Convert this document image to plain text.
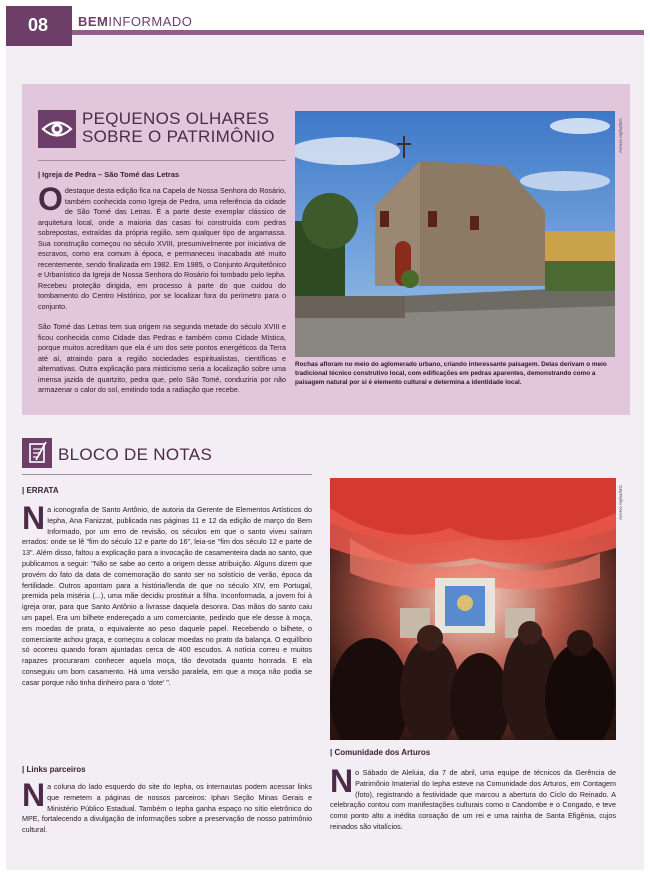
08	BEMINFORMADO
PEQUENOS OLHARES
SOBRE O PATRIMÔNIO
| Igreja de Pedra – São Tomé das Letras
Odestaque desta edição fica na Capela de Nossa Senhora do Rosário, também conhecida como Igreja de Pedra, uma referência da cidade de São Tomé das Letras. É a parte deste exemplar clássico de arquitetura local, onde a maioria das casas foi construída com pedras sobrepostas, extraídas da própria região, sem qualquer tipo de argamassa. Sua construção começou no século XVIII, presumivelmente por iniciativa de escravos, como era comum à época, e permaneceu inacabada até muito recentemente, sendo finalizada em 1982. Em 1985, o Conjunto Arquitetônico e Urbanístico da Igreja de Nossa Senhora do Rosário foi tombado pelo Iepha. Recebeu proteção dirigida, em processo à parte do que cuidou do tombamento do Centro Histórico, por se localizar fora do perímetro para o conjunto.
São Tomé das Letras tem sua origem na segunda metade do século XVIII e ficou conhecida como Cidade das Pedras e também como Cidade Mística, porque muitos acreditam que ela é um dos sete pontos energéticos da Terra até aí, atraindo para a região sociedades espiritualistas, científicas e alternativas. Outra explicação para misticismo seria a localização sobre uma imensa jazida de quartzito, pedra que, pelo São Tomé, conduziria por não armazenar o calor do sol, emitindo toda a radiação que recebe.
Acervo Iepha/MG
Rochas afloram no meio do aglomerado urbano, criando interessante paisagem. Delas derivam o meio tradicional técnico construtivo local, com edificações em pedras aparentes, demonstrando como a paisagem natural por si é elemento cultural e determina a identidade local.
BLOCO DE NOTAS
| ERRATA
Na iconografia de Santo Antônio, de autoria da Gerente de Elementos Artísticos do Iepha, Ana Fanizzat, publicada nas páginas 11 e 12 da edição de março do Bem Informado, por um erro de revisão, os séculos em que o santo viveu saíram errados: onde se lê "fim do século 12 e parte do 16", leia-se "fim dos século 12 e parte de 13". Além disso, faltou a explicação para a invocação de casamenteira dada ao santo, que publicamos a seguir: "Não se sabe ao certo a origem desse atribuição. Alguns dizem que provém do fato da data de comemoração do santo ser no solstício de verão, época da fertilidade. Outros apontam para a história/lenda de que no século XIV, em Portugal, premida pela miséria (...), uma mãe decidiu prostituir a filha. Inconformada, a jovem foi à igreja orar, para que Santo Antônio a livrasse daquela desonra. Das mãos do santo caiu um papel. Era um bilhete endereçado a um comerciante, pedindo que ele desse à moça, em moedas de prata, o equivalente ao peso daquele papel. Recebendo o bilhete, o comerciante achou graça, e começou a colocar moedas no prato da balança. O equilíbrio só ocorreu quando foram ajuntadas cerca de 400 escudos. A notícia correu e muitos rapazes procuraram conhecer aquela moça, tão devotada quanto honrada. E ela conseguiu um bom casamento. Há uma versão paralela, em que a moça não podia se casar porque não tinha dinheiro para o 'dote' ".
| Links parceiros
Na coluna do lado esquerdo do site do Iepha, os internautas podem acessar links que remetem a páginas de nossos parceiros: Iphan Seção Minas Gerais e Ministério Público Estadual. Também o Iepha ganha espaço no sítio eletrônico do MPE, fortalecendo a divulgação de informações sobre a preservação de nosso patrimônio cultural.
Acervo Iepha/MG
| Comunidade dos Arturos
No Sábado de Aleluia, dia 7 de abril, uma equipe de técnicos da Gerência de Patrimônio Imaterial do Iepha esteve na Comunidade dos Arturos, em Contagem (foto), registrando a festividade que marcou a abertura do Ciclo do Reinado. A celebração contou com manifestações culturais como o Candombe e o Congado, e teve como ponto alto a inédita coroação de um rei e uma rainha de Santa Efigênia, cujos reinados são vitalícios.
